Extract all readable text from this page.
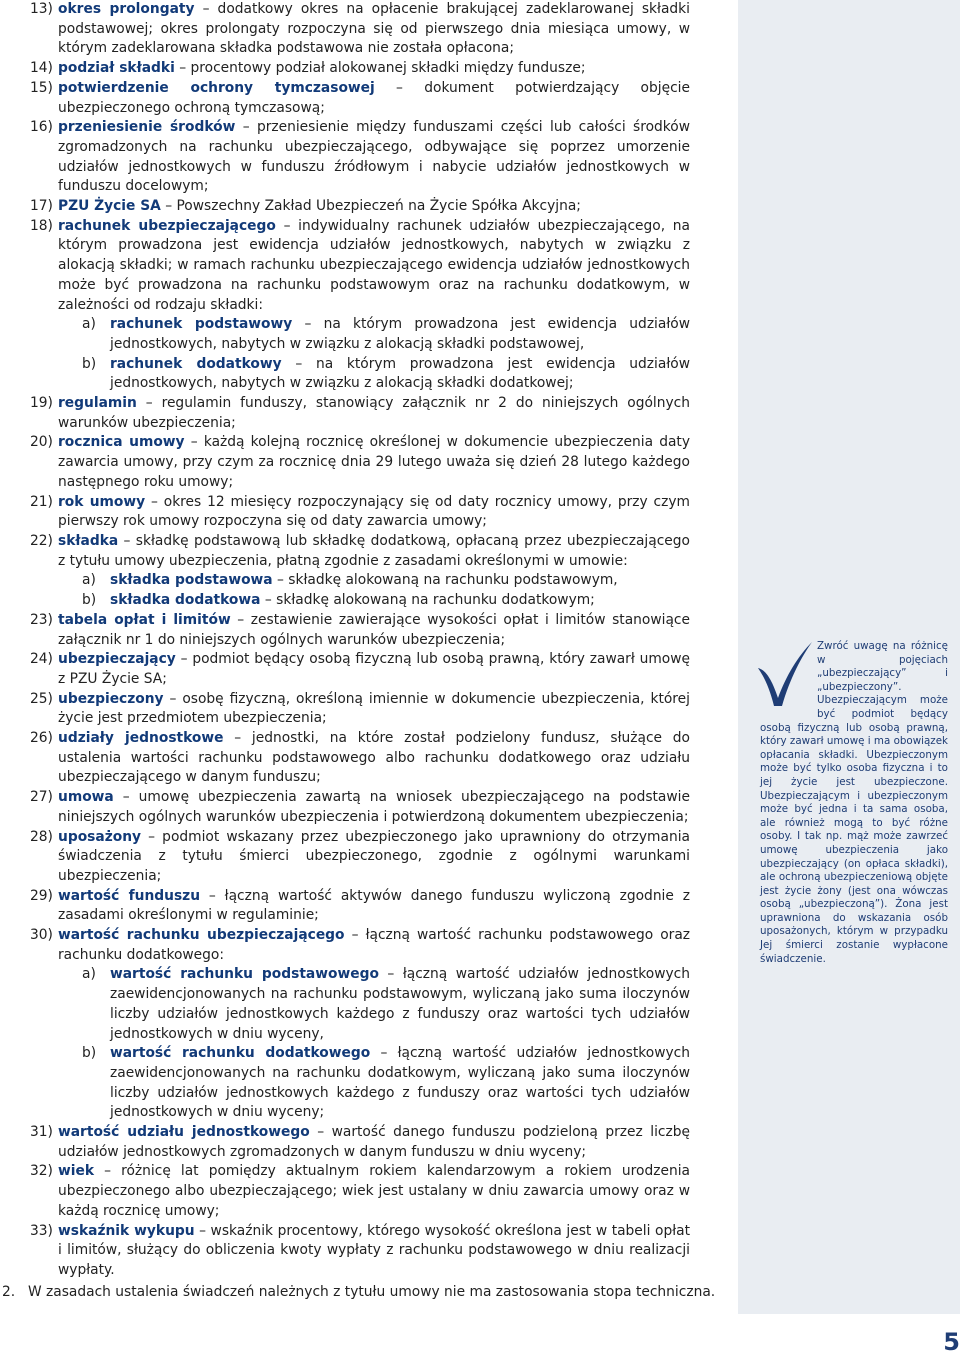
13) okres prolongaty – dodatkowy okres na opłacenie brakującej zadeklarowanej składki podstawowej; okres prolongaty rozpoczyna się od pierwszego dnia miesiąca umowy, w którym zadeklarowana składka podstawowa nie została opłacona;
14) podział składki – procentowy podział alokowanej składki między fundusze;
15) potwierdzenie ochrony tymczasowej – dokument potwierdzający objęcie ubezpieczonego ochroną tymczasową;
16) przeniesienie środków – przeniesienie między funduszami części lub całości środków zgromadzonych na rachunku ubezpieczającego, odbywające się poprzez umorzenie udziałów jednostkowych w funduszu źródłowym i nabycie udziałów jednostkowych w funduszu docelowym;
17) PZU Życie SA – Powszechny Zakład Ubezpieczeń na Życie Spółka Akcyjna;
18) rachunek ubezpieczającego – indywidualny rachunek udziałów ubezpieczającego, na którym prowadzona jest ewidencja udziałów jednostkowych, nabytych w związku z alokacją składki; w ramach rachunku ubezpieczającego ewidencja udziałów jednostkowych może być prowadzona na rachunku podstawowym oraz na rachunku dodatkowym, w zależności od rodzaju składki:
a) rachunek podstawowy – na którym prowadzona jest ewidencja udziałów jednostkowych, nabytych w związku z alokacją składki podstawowej,
b) rachunek dodatkowy – na którym prowadzona jest ewidencja udziałów jednostkowych, nabytych w związku z alokacją składki dodatkowej;
19) regulamin – regulamin funduszy, stanowiący załącznik nr 2 do niniejszych ogólnych warunków ubezpieczenia;
20) rocznica umowy – każdą kolejną rocznicę określonej w dokumencie ubezpieczenia daty zawarcia umowy, przy czym za rocznicę dnia 29 lutego uważa się dzień 28 lutego każdego następnego roku umowy;
21) rok umowy – okres 12 miesięcy rozpoczynający się od daty rocznicy umowy, przy czym pierwszy rok umowy rozpoczyna się od daty zawarcia umowy;
22) składka – składkę podstawową lub składkę dodatkową, opłacaną przez ubezpieczającego z tytułu umowy ubezpieczenia, płatną zgodnie z zasadami określonymi w umowie:
a) składka podstawowa – składkę alokowaną na rachunku podstawowym,
b) składka dodatkowa – składkę alokowaną na rachunku dodatkowym;
23) tabela opłat i limitów – zestawienie zawierające wysokości opłat i limitów stanowiące załącznik nr 1 do niniejszych ogólnych warunków ubezpieczenia;
24) ubezpieczający – podmiot będący osobą fizyczną lub osobą prawną, który zawarł umowę z PZU Życie SA;
25) ubezpieczony – osobę fizyczną, określoną imiennie w dokumencie ubezpieczenia, której życie jest przedmiotem ubezpieczenia;
26) udziały jednostkowe – jednostki, na które został podzielony fundusz, służące do ustalenia wartości rachunku podstawowego albo rachunku dodatkowego oraz udziału ubezpieczającego w danym funduszu;
27) umowa – umowę ubezpieczenia zawartą na wniosek ubezpieczającego na podstawie niniejszych ogólnych warunków ubezpieczenia i potwierdzoną dokumentem ubezpieczenia;
28) uposażony – podmiot wskazany przez ubezpieczonego jako uprawniony do otrzymania świadczenia z tytułu śmierci ubezpieczonego, zgodnie z ogólnymi warunkami ubezpieczenia;
29) wartość funduszu – łączną wartość aktywów danego funduszu wyliczoną zgodnie z zasadami określonymi w regulaminie;
30) wartość rachunku ubezpieczającego – łączną wartość rachunku podstawowego oraz rachunku dodatkowego:
a) wartość rachunku podstawowego – łączną wartość udziałów jednostkowych zaewidencjonowanych na rachunku podstawowym, wyliczaną jako suma iloczynów liczby udziałów jednostkowych każdego z funduszy oraz wartości tych udziałów jednostkowych w dniu wyceny,
b) wartość rachunku dodatkowego – łączną wartość udziałów jednostkowych zaewidencjonowanych na rachunku dodatkowym, wyliczaną jako suma iloczynów liczby udziałów jednostkowych każdego z funduszy oraz wartości tych udziałów jednostkowych w dniu wyceny;
31) wartość udziału jednostkowego – wartość danego funduszu podzieloną przez liczbę udziałów jednostkowych zgromadzonych w danym funduszu w dniu wyceny;
32) wiek – różnicę lat pomiędzy aktualnym rokiem kalendarzowym a rokiem urodzenia ubezpieczonego albo ubezpieczającego; wiek jest ustalany w dniu zawarcia umowy oraz w każdą rocznicę umowy;
33) wskaźnik wykupu – wskaźnik procentowy, którego wysokość określona jest w tabeli opłat i limitów, służący do obliczenia kwoty wypłaty z rachunku podstawowego w dniu realizacji wypłaty.
2. W zasadach ustalenia świadczeń należnych z tytułu umowy nie ma zastosowania stopa techniczna.
Zwróć uwagę na różnicę w pojęciach „ubezpieczający” i „ubezpieczony”. Ubezpieczającym może być podmiot będący osobą fizyczną lub osobą prawną, który zawarł umowę i ma obowiązek opłacania składki. Ubezpieczonym może być tylko osoba fizyczna i to jej życie jest ubezpieczone. Ubezpieczającym i ubezpieczonym może być jedna i ta sama osoba, ale również mogą to być różne osoby. I tak np. mąż może zawrzeć umowę ubezpieczenia jako ubezpieczający (on opłaca składki), ale ochroną ubezpieczeniową objęte jest życie żony (jest ona wówczas osobą „ubezpieczoną”). Żona jest uprawniona do wskazania osób uposażonych, którym w przypadku Jej śmierci zostanie wypłacone świadczenie.
5
